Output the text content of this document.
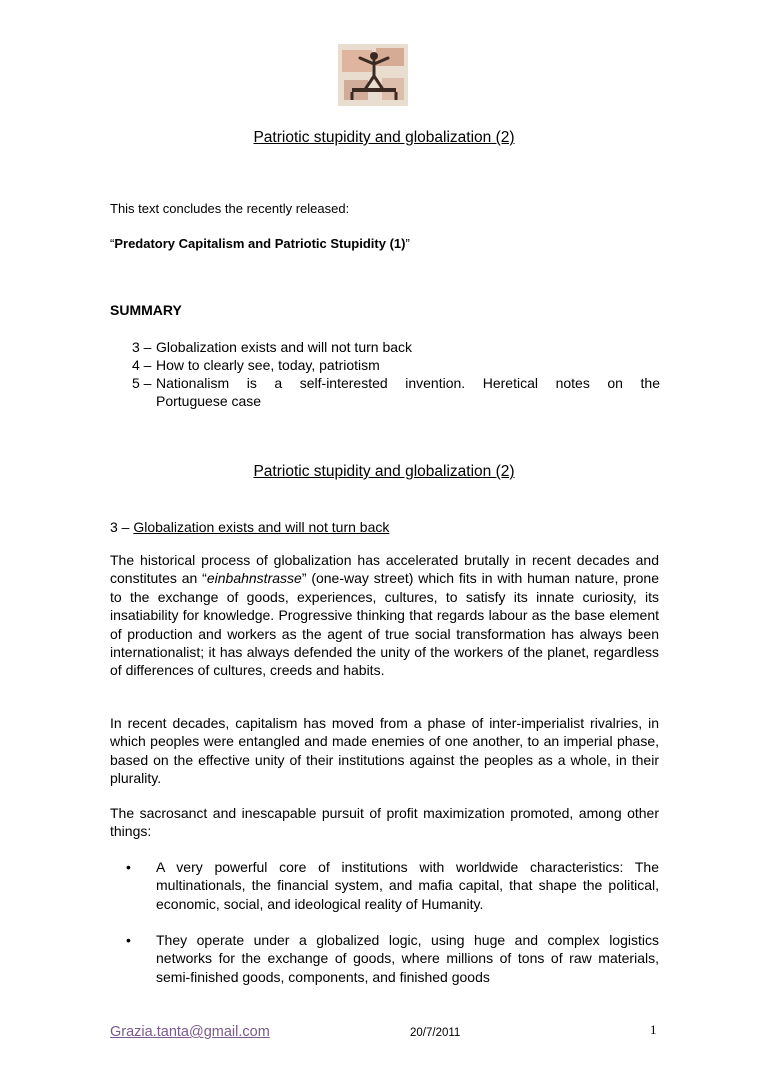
Patriotic stupidity and globalization (2)
This text concludes the recently released:
“Predatory Capitalism and Patriotic Stupidity (1)”
SUMMARY
3 – Globalization exists and will not turn back
4 – How to clearly see, today, patriotism
5 – Nationalism is a self-interested invention. Heretical notes on the
Portuguese case
Patriotic stupidity and globalization (2)
3 – Globalization exists and will not turn back

The historical process of globalization has accelerated brutally in recent decades and constitutes an “einbahnstrasse” (one-way street) which fits in with human nature, prone to the exchange of goods, experiences, cultures, to satisfy its innate curiosity, its insatiability for knowledge. Progressive thinking that regards labour as the base element of production and workers as the agent of true social transformation has always been internationalist; it has always defended the unity of the workers of the planet, regardless of differences of cultures, creeds and habits.

In recent decades, capitalism has moved from a phase of inter-imperialist rivalries, in which peoples were entangled and made enemies of one another, to an imperial phase, based on the effective unity of their institutions against the peoples as a whole, in their plurality.

The sacrosanct and inescapable pursuit of profit maximization promoted, among other things:

•	A very powerful core of institutions with worldwide characteristics: The multinationals, the financial system, and mafia capital, that shape the political, economic, social, and ideological reality of Humanity.
•	They operate under a globalized logic, using huge and complex logistics networks for the exchange of goods, where millions of tons of raw materials, semi-finished goods, components, and finished goods
Grazia.tanta@gmail.com	20/7/2011	1
